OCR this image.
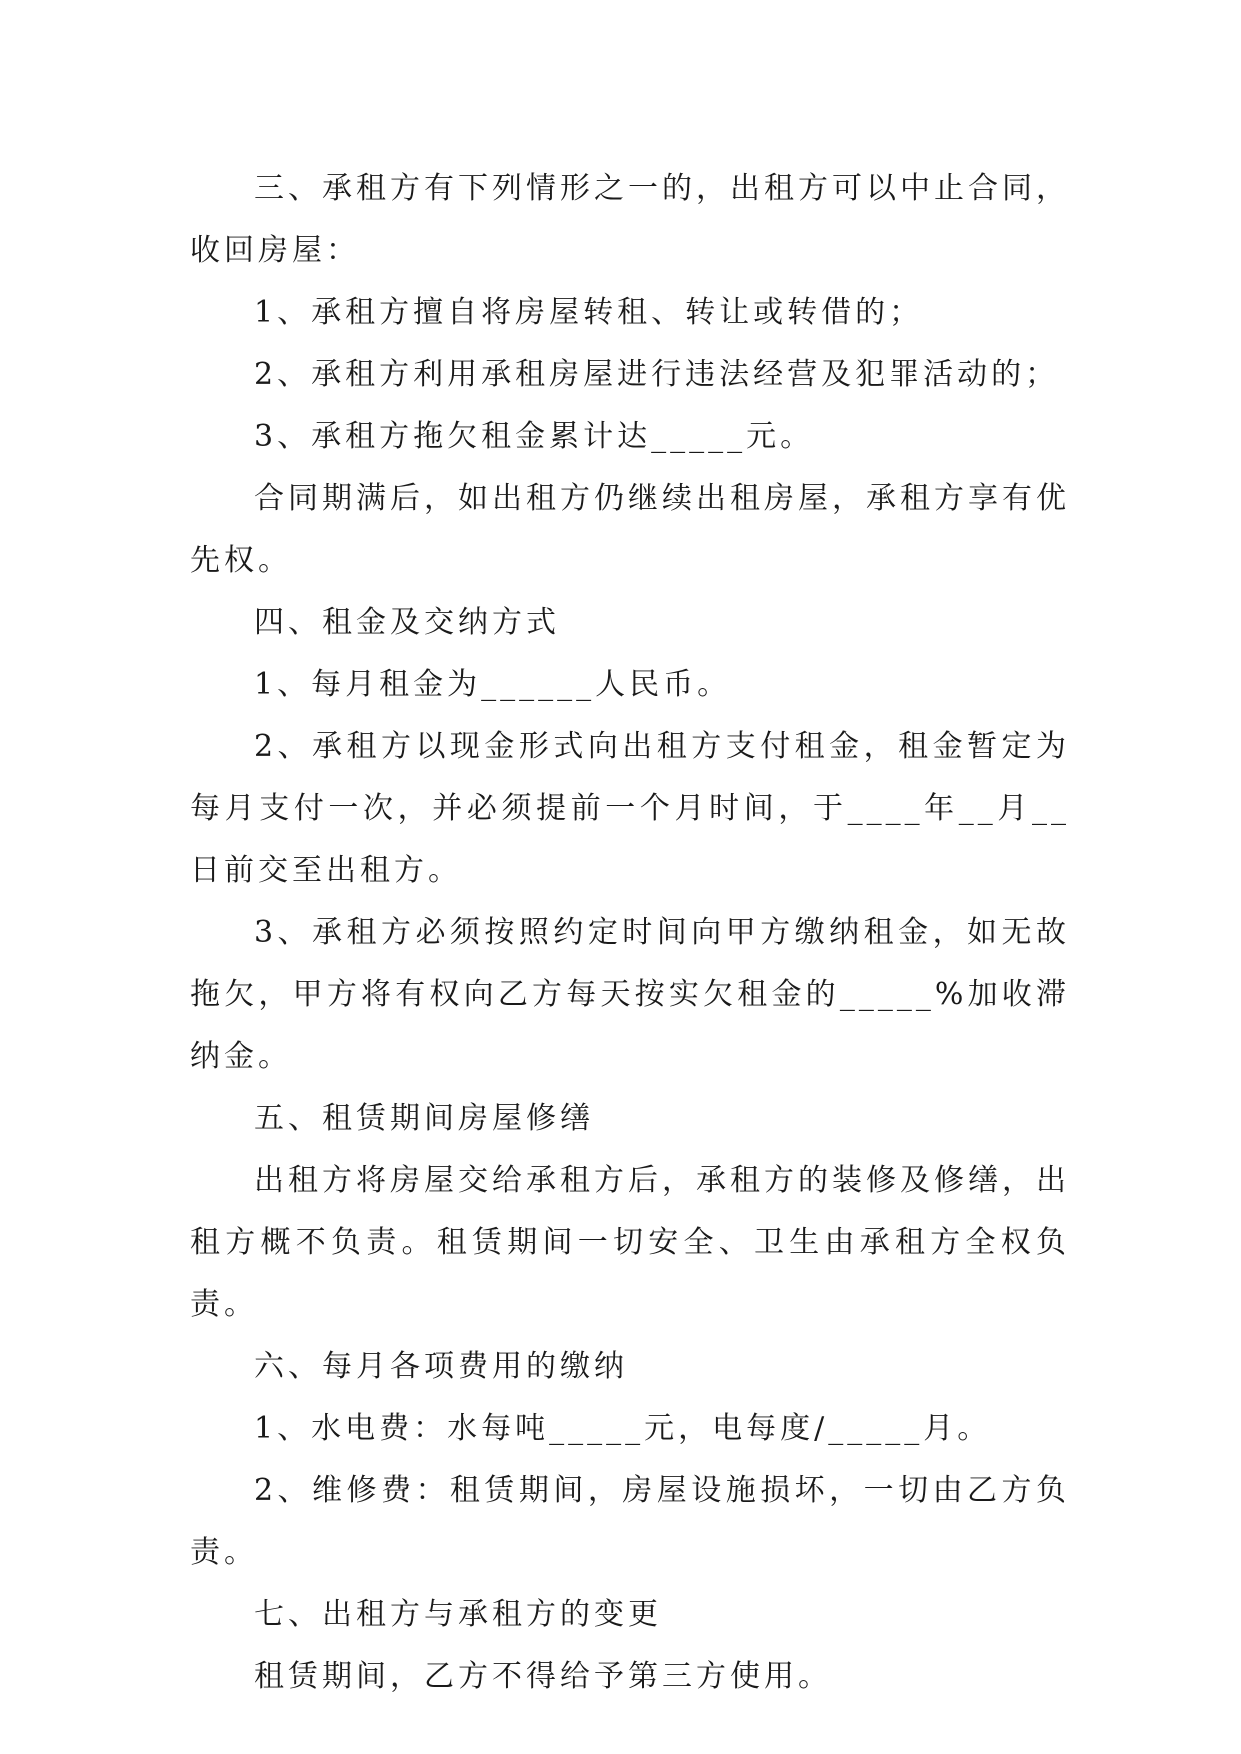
三、承租方有下列情形之一的，出租方可以中止合同，收回房屋：

1、承租方擅自将房屋转租、转让或转借的；

2、承租方利用承租房屋进行违法经营及犯罪活动的；

3、承租方拖欠租金累计达_____元。

合同期满后，如出租方仍继续出租房屋，承租方享有优先权。

四、租金及交纳方式

1、每月租金为______人民币。

2、承租方以现金形式向出租方支付租金，租金暂定为每月支付一次，并必须提前一个月时间，于____年__月__日前交至出租方。

3、承租方必须按照约定时间向甲方缴纳租金，如无故拖欠，甲方将有权向乙方每天按实欠租金的_____%加收滞纳金。

五、租赁期间房屋修缮

出租方将房屋交给承租方后，承租方的装修及修缮，出租方概不负责。租赁期间一切安全、卫生由承租方全权负责。

六、每月各项费用的缴纳

1、水电费：水每吨_____元，电每度/_____月。

2、维修费：租赁期间，房屋设施损坏，一切由乙方负责。

七、出租方与承租方的变更

租赁期间，乙方不得给予第三方使用。
